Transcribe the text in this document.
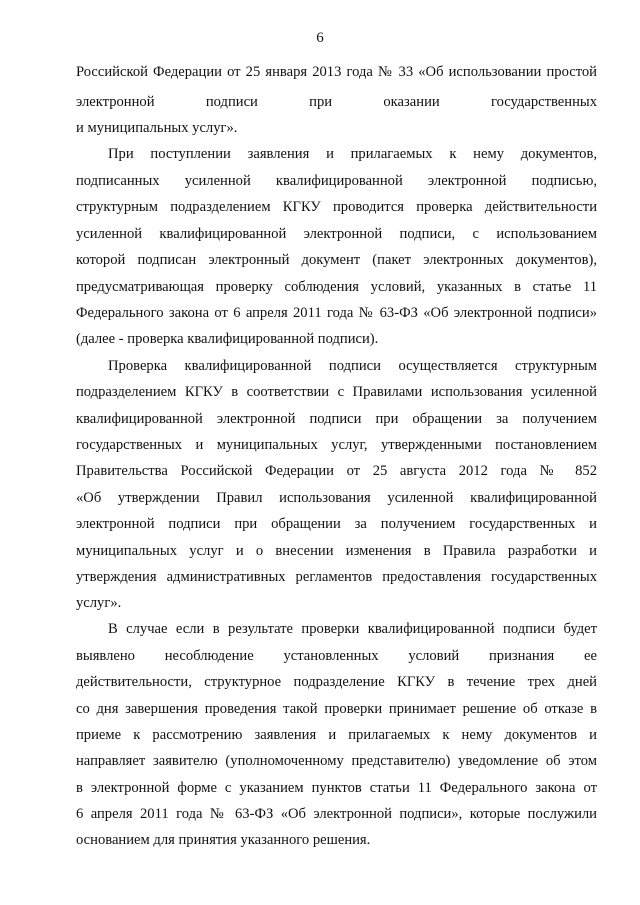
6
Российской Федерации от 25 января 2013 года № 33 «Об использовании простой
электронной подписи при оказании государственных
и муниципальных услуг».
При поступлении заявления и прилагаемых к нему документов,
подписанных усиленной квалифицированной электронной подписью,
структурным подразделением КГКУ проводится проверка действительности
усиленной квалифицированной электронной подписи, с использованием
которой подписан электронный документ (пакет электронных документов),
предусматривающая проверку соблюдения условий, указанных в статье 11
Федерального закона от 6 апреля 2011 года № 63-ФЗ «Об электронной подписи»
(далее - проверка квалифицированной подписи).
Проверка квалифицированной подписи осуществляется структурным
подразделением КГКУ в соответствии с Правилами использования усиленной
квалифицированной электронной подписи при обращении за получением
государственных и муниципальных услуг, утвержденными постановлением
Правительства Российской Федерации от 25 августа 2012 года № 852
«Об утверждении Правил использования усиленной квалифицированной
электронной подписи при обращении за получением государственных и
муниципальных услуг и о внесении изменения в Правила разработки и
утверждения административных регламентов предоставления государственных
услуг».
В случае если в результате проверки квалифицированной подписи будет
выявлено несоблюдение установленных условий признания ее
действительности, структурное подразделение КГКУ в течение трех дней
со дня завершения проведения такой проверки принимает решение об отказе в
приеме к рассмотрению заявления и прилагаемых к нему документов и
направляет заявителю (уполномоченному представителю) уведомление об этом
в электронной форме с указанием пунктов статьи 11 Федерального закона от
6 апреля 2011 года № 63-ФЗ «Об электронной подписи», которые послужили
основанием для принятия указанного решения.
